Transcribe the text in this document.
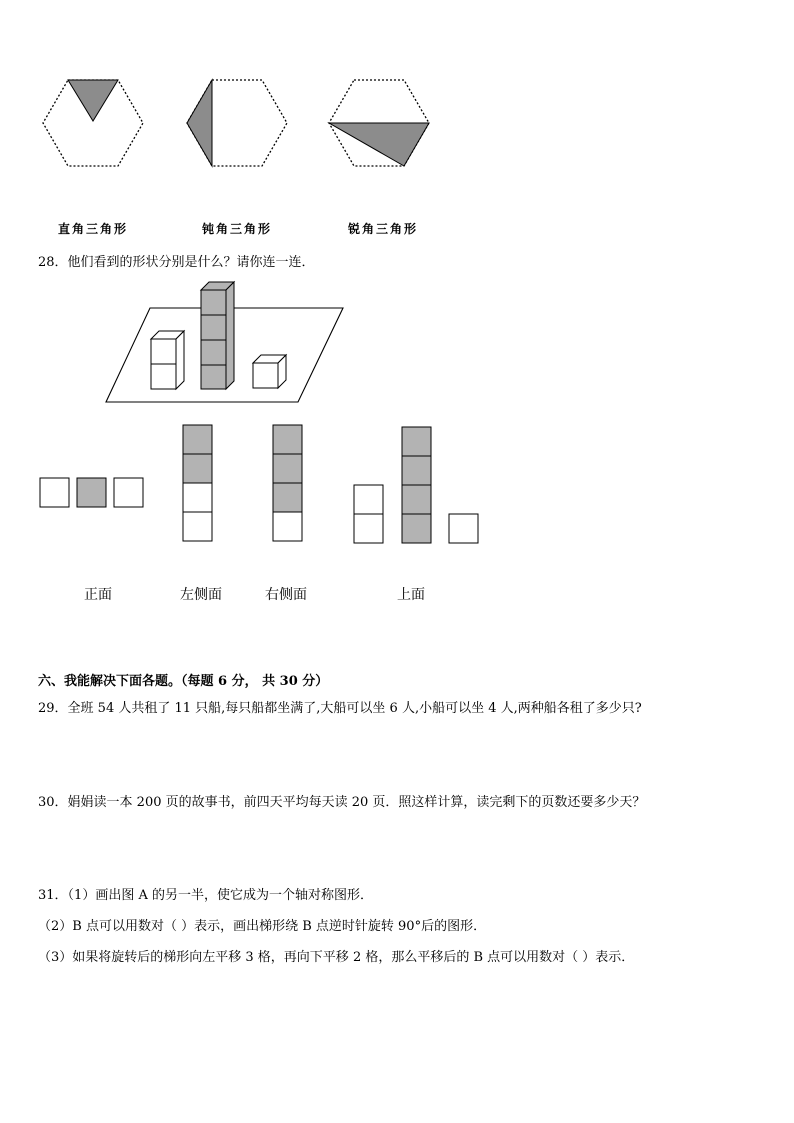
直角三角形	钝角三角形	锐角三角形
28．他们看到的形状分别是什么？请你连一连．
正面	左侧面	右侧面	上面
六、我能解决下面各题。（每题 6 分， 共 30 分）
29．全班 54 人共租了 11 只船,每只船都坐满了,大船可以坐 6 人,小船可以坐 4 人,两种船各租了多少只?
30．娟娟读一本 200 页的故事书，前四天平均每天读 20 页．照这样计算，读完剩下的页数还要多少天？
31．（1）画出图 A 的另一半，使它成为一个轴对称图形．
（2）B 点可以用数对（ ）表示，画出梯形绕 B 点逆时针旋转 90°后的图形．
（3）如果将旋转后的梯形向左平移 3 格，再向下平移 2 格，那么平移后的 B 点可以用数对（ ）表示．
